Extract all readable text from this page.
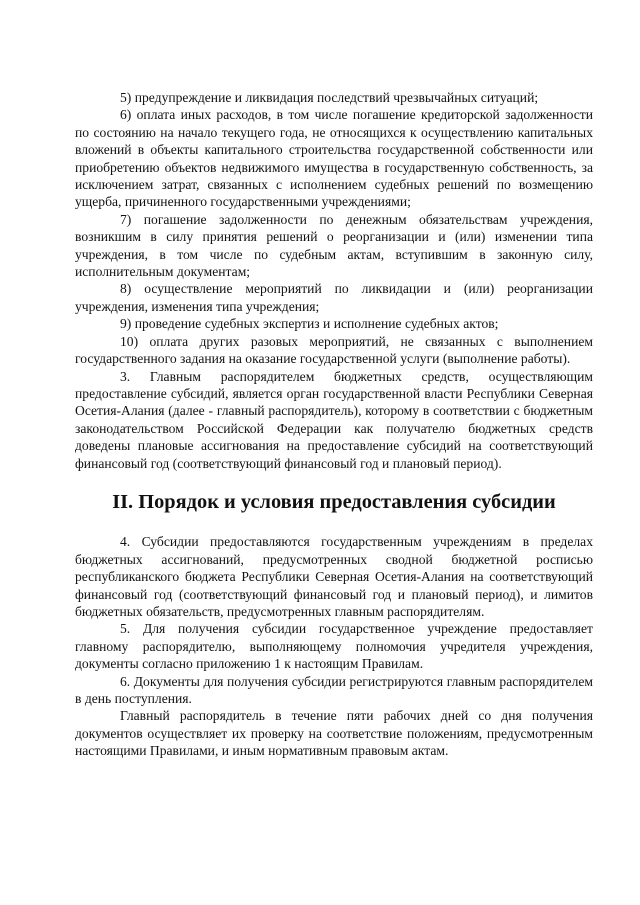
5) предупреждение и ликвидация последствий чрезвычайных ситуаций;

6) оплата иных расходов, в том числе погашение кредиторской задолженности по состоянию на начало текущего года, не относящихся к осуществлению капитальных вложений в объекты капитального строительства государственной собственности или приобретению объектов недвижимого имущества в государственную собственность, за исключением затрат, связанных с исполнением судебных решений по возмещению ущерба, причиненного государственными учреждениями;

7) погашение задолженности по денежным обязательствам учреждения, возникшим в силу принятия решений о реорганизации и (или) изменении типа учреждения, в том числе по судебным актам, вступившим в законную силу, исполнительным документам;

8) осуществление мероприятий по ликвидации и (или) реорганизации учреждения, изменения типа учреждения;

9) проведение судебных экспертиз и исполнение судебных актов;

10) оплата других разовых мероприятий, не связанных с выполнением государственного задания на оказание государственной услуги (выполнение работы).

3. Главным распорядителем бюджетных средств, осуществляющим предоставление субсидий, является орган государственной власти Республики Северная Осетия-Алания (далее - главный распорядитель), которому в соответствии с бюджетным законодательством Российской Федерации как получателю бюджетных средств доведены плановые ассигнования на предоставление субсидий на соответствующий финансовый год (соответствующий финансовый год и плановый период).

II. Порядок и условия предоставления субсидии

4. Субсидии предоставляются государственным учреждениям в пределах бюджетных ассигнований, предусмотренных сводной бюджетной росписью республиканского бюджета Республики Северная Осетия-Алания на соответствующий финансовый год (соответствующий финансовый год и плановый период), и лимитов бюджетных обязательств, предусмотренных главным распорядителям.

5. Для получения субсидии государственное учреждение предоставляет главному распорядителю, выполняющему полномочия учредителя учреждения, документы согласно приложению 1 к настоящим Правилам.

6. Документы для получения субсидии регистрируются главным распорядителем в день поступления.

Главный распорядитель в течение пяти рабочих дней со дня получения документов осуществляет их проверку на соответствие положениям, предусмотренным настоящими Правилами, и иным нормативным правовым актам.
